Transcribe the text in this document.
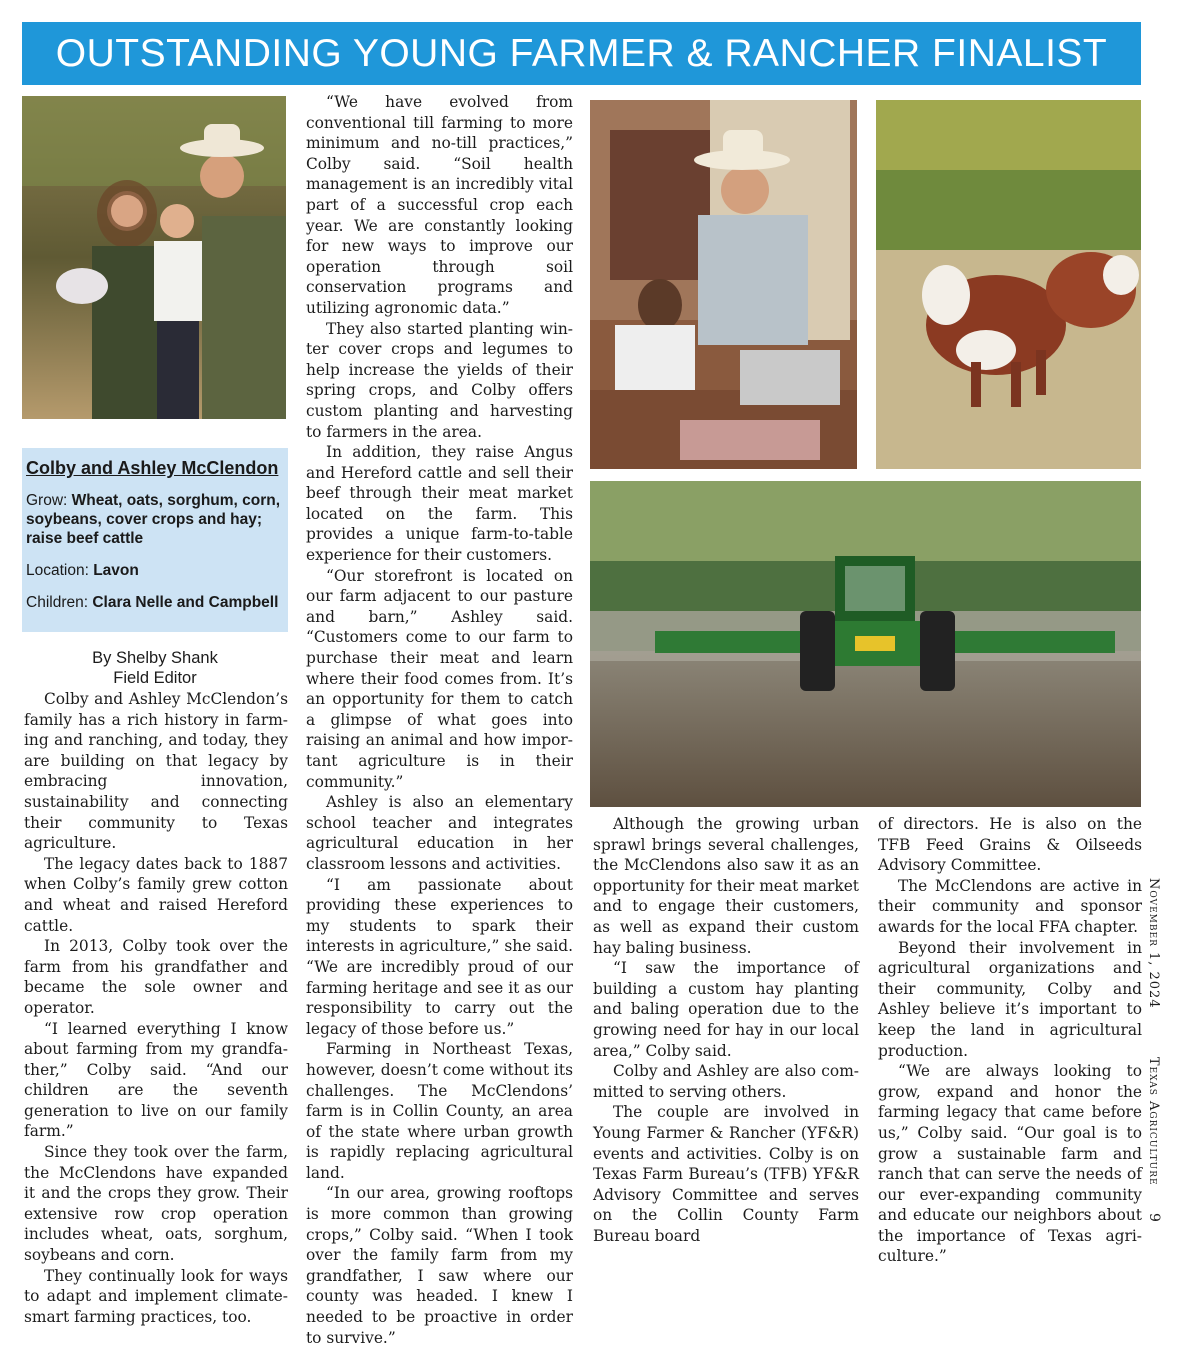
OUTSTANDING YOUNG FARMER & RANCHER FINALIST
Colby and Ashley McClendon
Grow: Wheat, oats, sorghum, corn, soybeans, cover crops and hay; raise beef cattle
Location: Lavon
Children: Clara Nelle and Campbell
By Shelby Shank
Field Editor

Colby and Ashley McClendon’s family has a rich history in farming and ranching, and today, they are building on that legacy by embracing innovation, sustainability and connecting their community to Texas agriculture.

The legacy dates back to 1887 when Colby’s family grew cotton and wheat and raised Hereford cattle.

In 2013, Colby took over the farm from his grandfather and became the sole owner and operator.

“I learned everything I know about farming from my grandfather,” Colby said. “And our children are the seventh generation to live on our family farm.”

Since they took over the farm, the McClendons have expanded it and the crops they grow. Their extensive row crop operation includes wheat, oats, sorghum, soybeans and corn.

They continually look for ways to adapt and implement climate-smart farming practices, too.

“We have evolved from conventional till farming to more minimum and no-till practices,” Colby said. “Soil health management is an incredibly vital part of a successful crop each year. We are constantly looking for new ways to improve our operation through soil conservation programs and utilizing agronomic data.”

They also started planting winter cover crops and legumes to help increase the yields of their spring crops, and Colby offers custom planting and harvesting to farmers in the area.

In addition, they raise Angus and Hereford cattle and sell their beef through their meat market located on the farm. This provides a unique farm-to-table experience for their customers.

“Our storefront is located on our farm adjacent to our pasture and barn,” Ashley said. “Customers come to our farm to purchase their meat and learn where their food comes from. It’s an opportunity for them to catch a glimpse of what goes into raising an animal and how important agriculture is in their community.”

Ashley is also an elementary school teacher and integrates agricultural education in her classroom lessons and activities.

“I am passionate about providing these experiences to my students to spark their interests in agriculture,” she said. “We are incredibly proud of our farming heritage and see it as our responsibility to carry out the legacy of those before us.”

Farming in Northeast Texas, however, doesn’t come without its challenges. The McClendons’ farm is in Collin County, an area of the state where urban growth is rapidly replacing agricultural land.

“In our area, growing rooftops is more common than growing crops,” Colby said. “When I took over the family farm from my grandfather, I saw where our county was headed. I knew I needed to be proactive in order to survive.”

Although the growing urban sprawl brings several challenges, the McClendons also saw it as an opportunity for their meat market and to engage their customers, as well as expand their custom hay baling business.

“I saw the importance of building a custom hay planting and baling operation due to the growing need for hay in our local area,” Colby said.

Colby and Ashley are also committed to serving others.

The couple are involved in Young Farmer & Rancher (YF&R) events and activities. Colby is on Texas Farm Bureau’s (TFB) YF&R Advisory Committee and serves on the Collin County Farm Bureau board

of directors. He is also on the TFB Feed Grains & Oilseeds Advisory Committee.

The McClendons are active in their community and sponsor awards for the local FFA chapter.

Beyond their involvement in agricultural organizations and their community, Colby and Ashley believe it’s important to keep the land in agricultural production.

“We are always looking to grow, expand and honor the farming legacy that came before us,” Colby said. “Our goal is to grow a sustainable farm and ranch that can serve the needs of our ever-expanding community and educate our neighbors about the importance of Texas agriculture.”

November 1, 2024  Texas Agriculture
9
